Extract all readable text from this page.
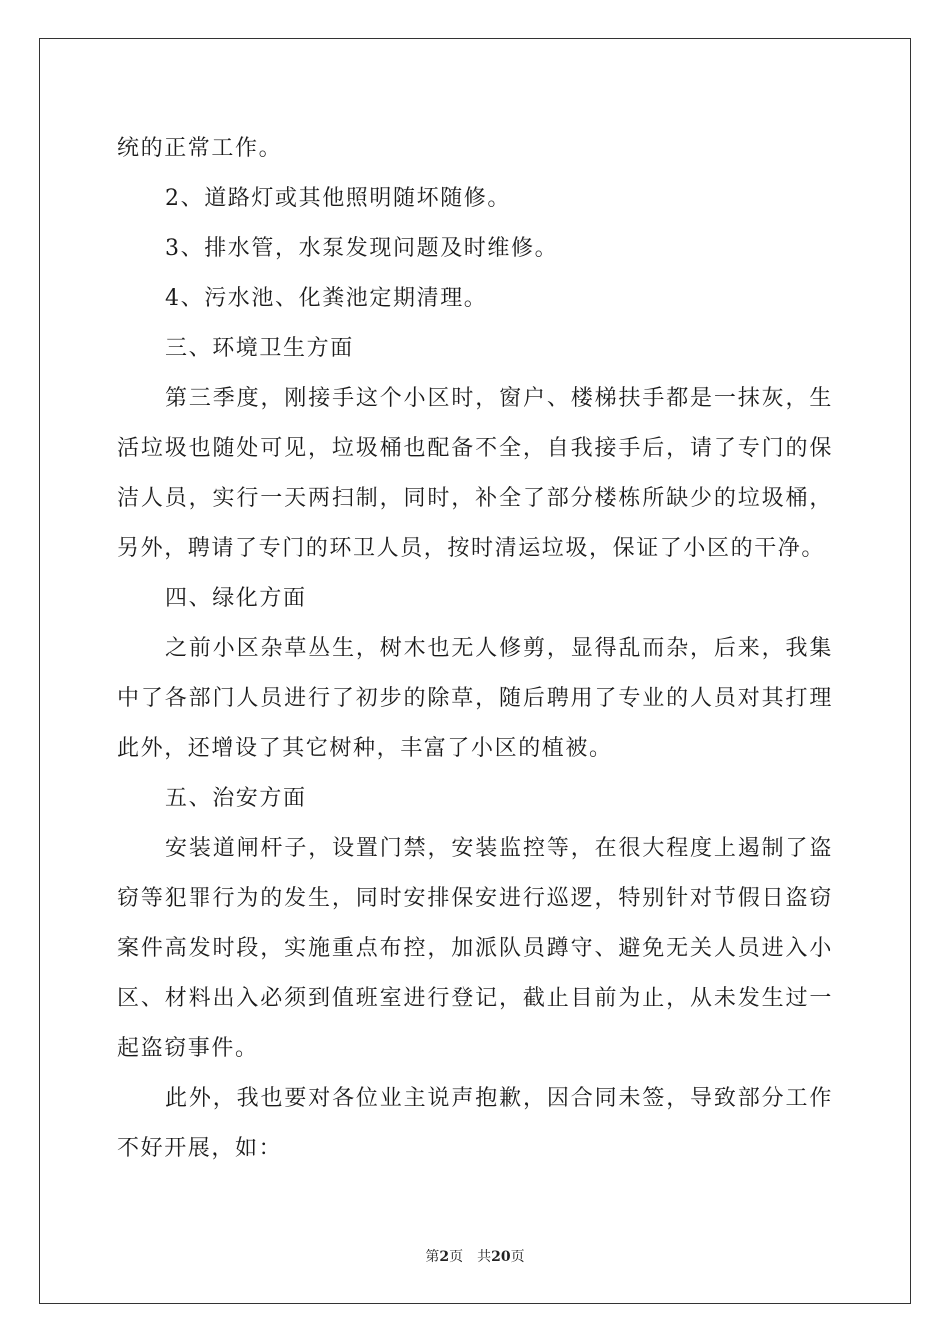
统的正常工作。

2、道路灯或其他照明随坏随修。

3、排水管，水泵发现问题及时维修。

4、污水池、化粪池定期清理。

三、环境卫生方面

第三季度，刚接手这个小区时，窗户、楼梯扶手都是一抹灰，生活垃圾也随处可见，垃圾桶也配备不全，自我接手后，请了专门的保洁人员，实行一天两扫制，同时，补全了部分楼栋所缺少的垃圾桶，另外，聘请了专门的环卫人员，按时清运垃圾，保证了小区的干净。

四、绿化方面

之前小区杂草丛生，树木也无人修剪，显得乱而杂，后来，我集中了各部门人员进行了初步的除草，随后聘用了专业的人员对其打理此外，还增设了其它树种，丰富了小区的植被。

五、治安方面

安装道闸杆子，设置门禁，安装监控等，在很大程度上遏制了盗窃等犯罪行为的发生，同时安排保安进行巡逻，特别针对节假日盗窃案件高发时段，实施重点布控，加派队员蹲守、避免无关人员进入小区、材料出入必须到值班室进行登记，截止目前为止，从未发生过一起盗窃事件。

此外，我也要对各位业主说声抱歉，因合同未签，导致部分工作不好开展，如：

第2页 共20页
